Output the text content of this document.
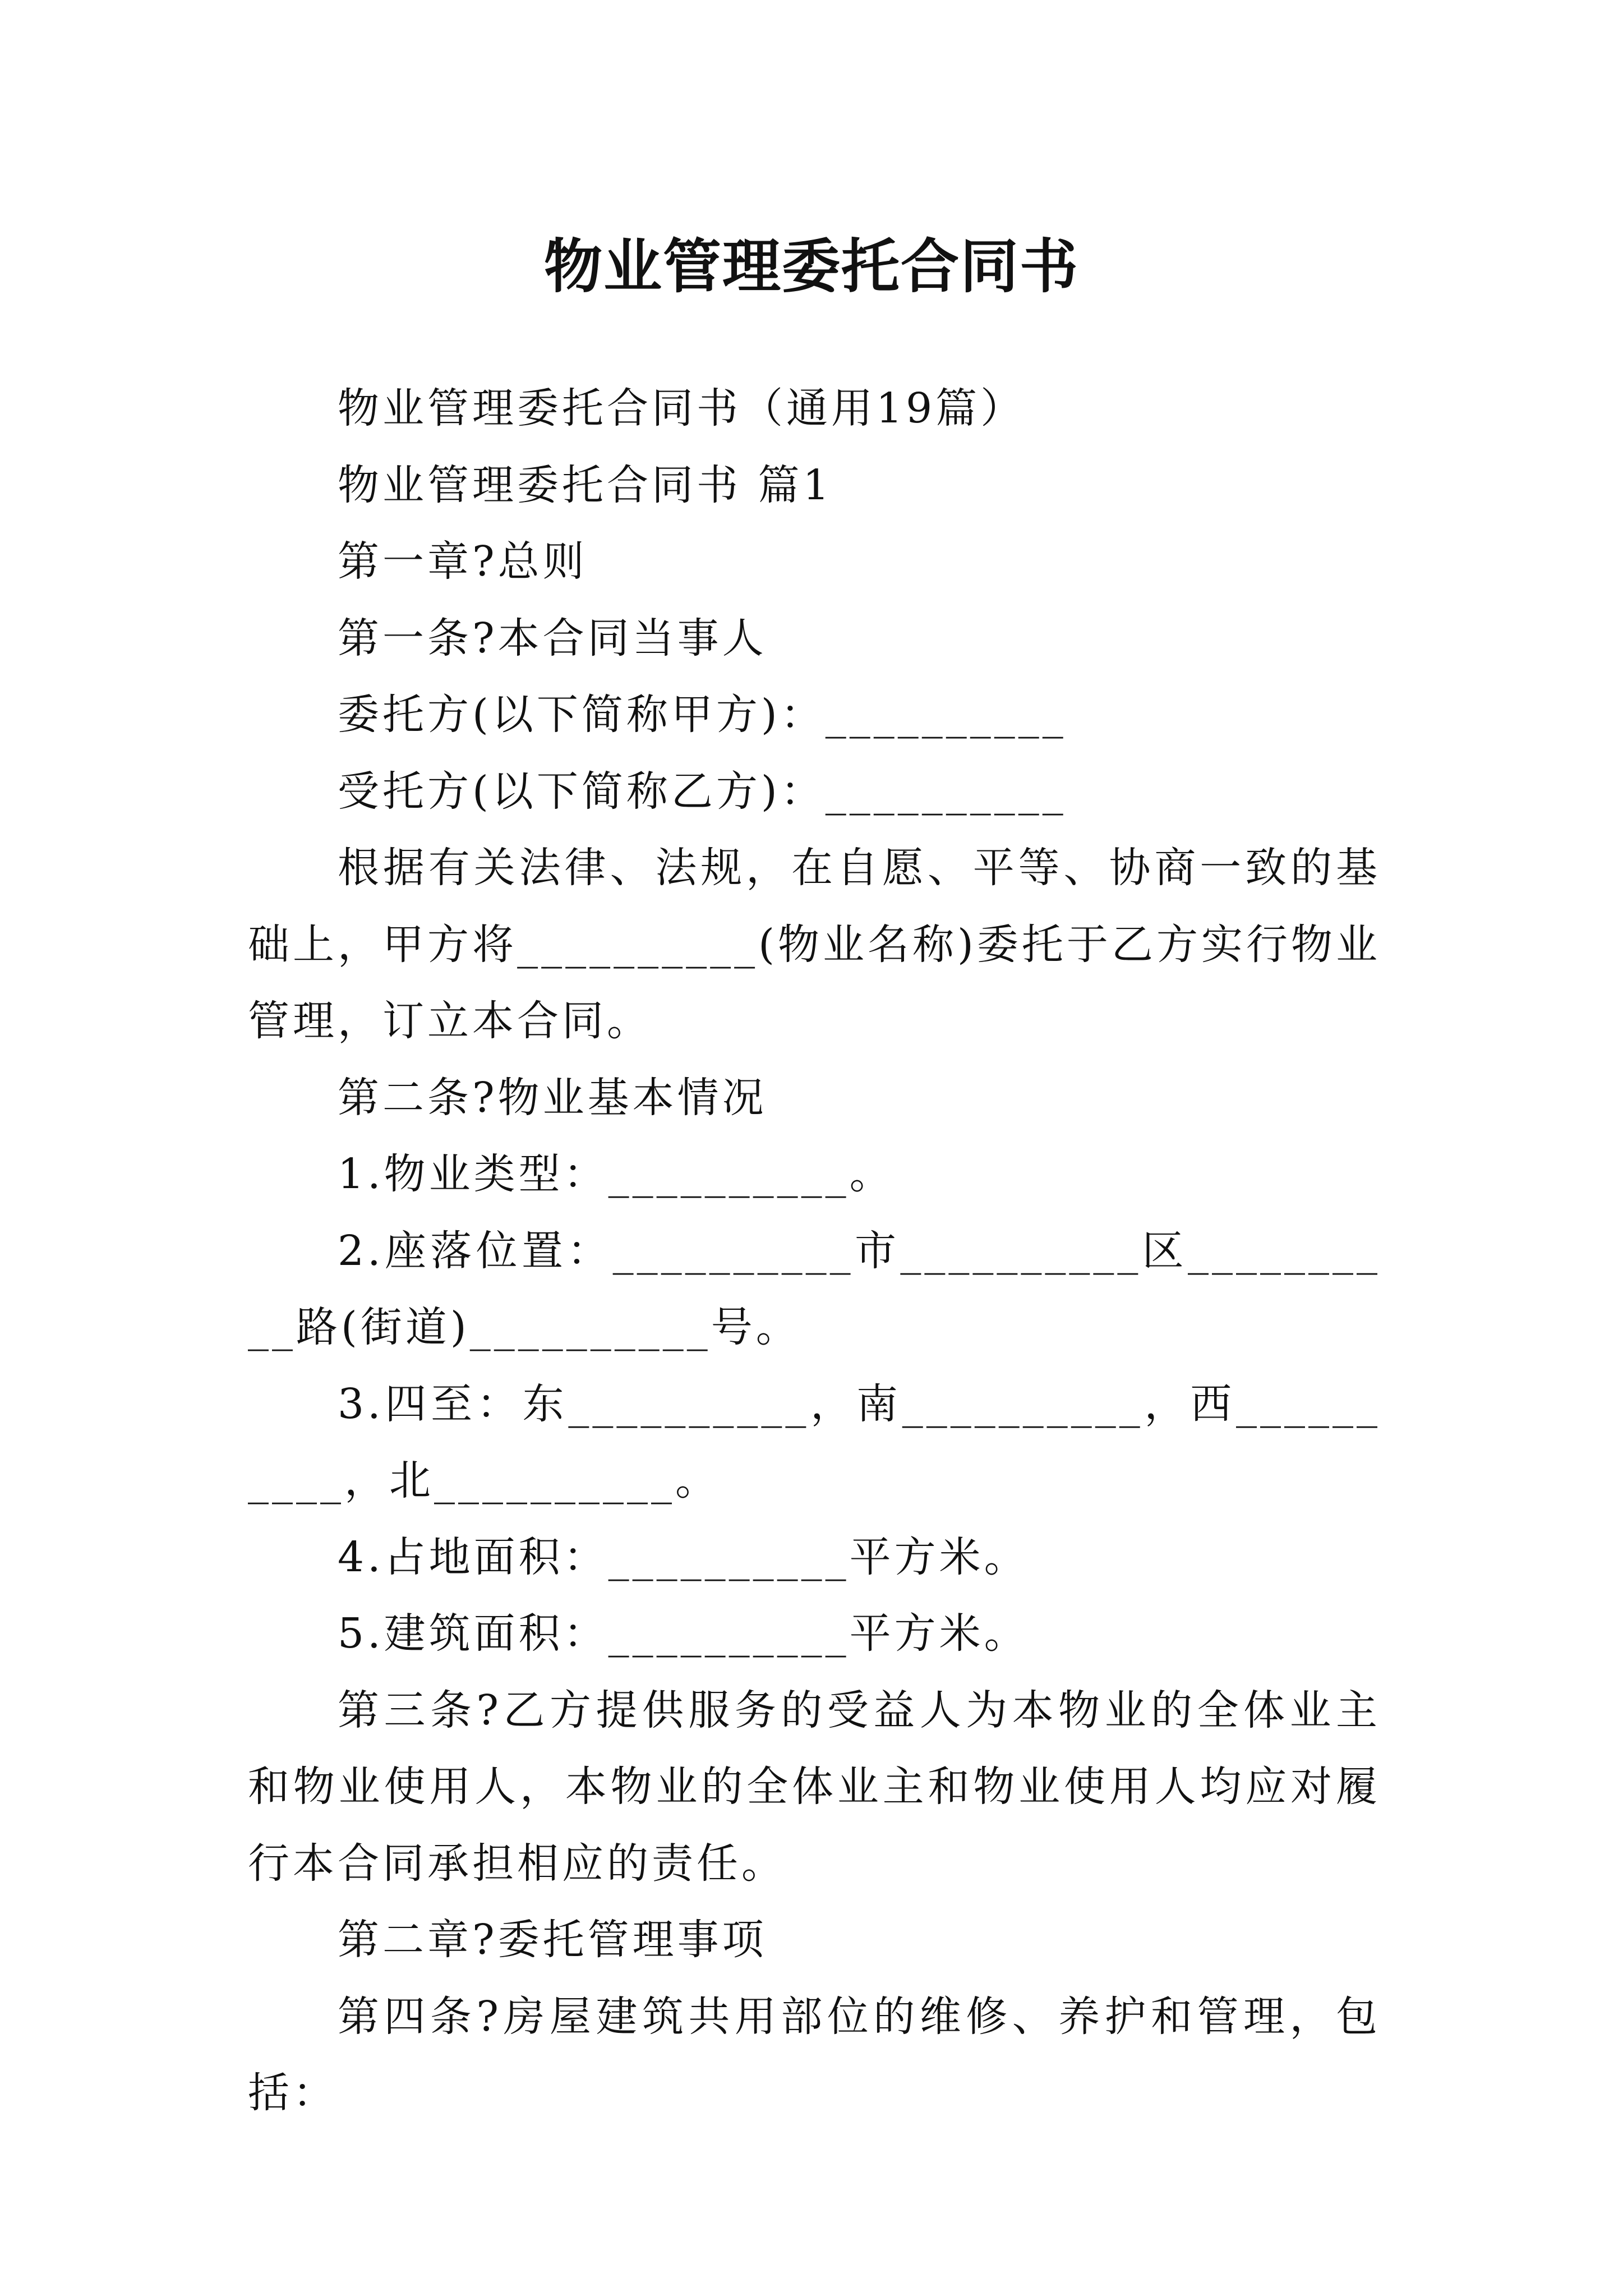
物业管理委托合同书

物业管理委托合同书（通用19篇）

物业管理委托合同书 篇1

第一章?总则

第一条?本合同当事人

委托方(以下简称甲方)：__________

受托方(以下简称乙方)：__________

根据有关法律、法规，在自愿、平等、协商一致的基础上，甲方将__________(物业名称)委托于乙方实行物业管理，订立本合同。

第二条?物业基本情况

1.物业类型：__________。

2.座落位置：__________市__________区__________路(街道)__________号。

3.四至：东__________，南__________，西__________，北__________。

4.占地面积：__________平方米。

5.建筑面积：__________平方米。

第三条?乙方提供服务的受益人为本物业的全体业主和物业使用人，本物业的全体业主和物业使用人均应对履行本合同承担相应的责任。

第二章?委托管理事项

第四条?房屋建筑共用部位的维修、养护和管理，包括：
